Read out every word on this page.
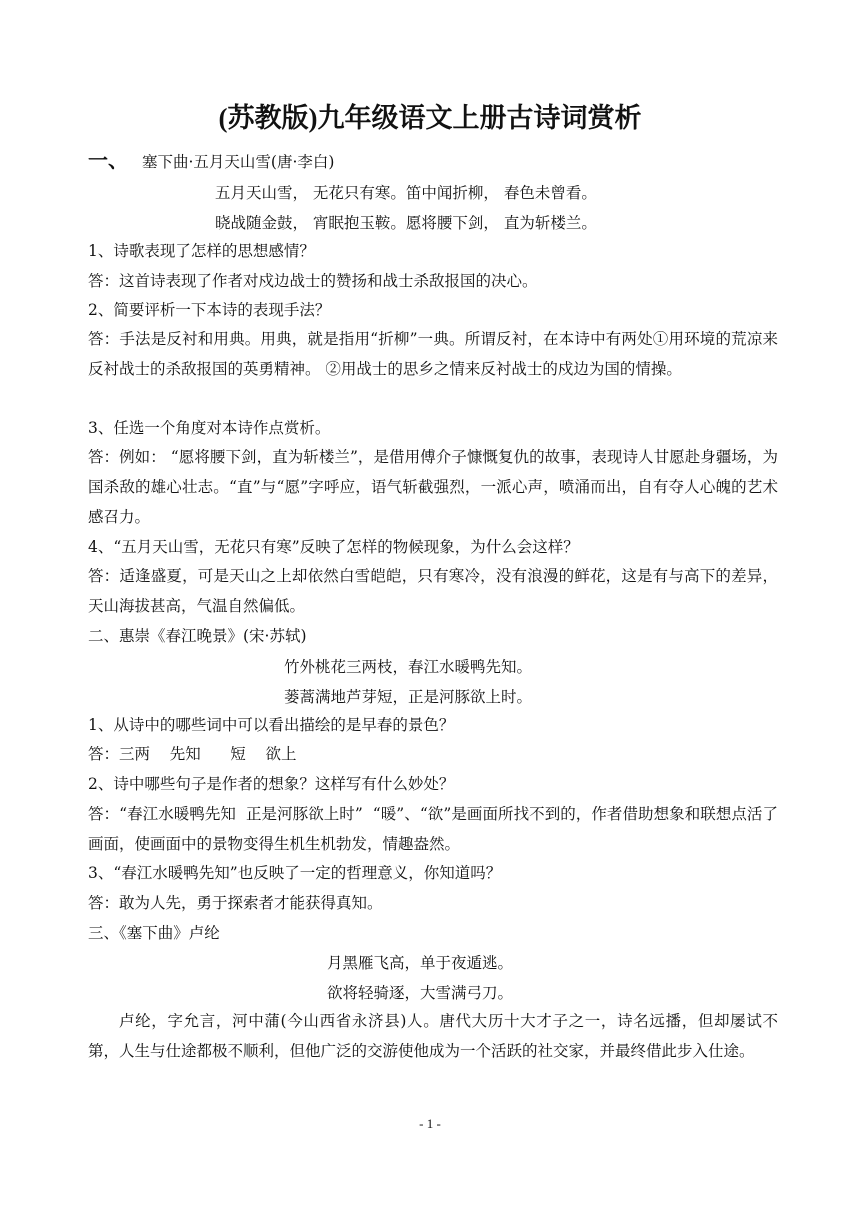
(苏教版)九年级语文上册古诗词赏析

一、 塞下曲·五月天山雪(唐·李白)

五月天山雪， 无花只有寒。笛中闻折柳， 春色未曾看。

晓战随金鼓， 宵眠抱玉鞍。愿将腰下剑， 直为斩楼兰。

1、诗歌表现了怎样的思想感情？

答：这首诗表现了作者对戍边战士的赞扬和战士杀敌报国的决心。

2、简要评析一下本诗的表现手法？

答：手法是反衬和用典。用典，就是指用“折柳”一典。所谓反衬，在本诗中有两处①用环境的荒凉来反衬战士的杀敌报国的英勇精神。 ②用战士的思乡之情来反衬战士的戍边为国的情操。

3、任选一个角度对本诗作点赏析。

答：例如： “愿将腰下剑，直为斩楼兰”，是借用傅介子慷慨复仇的故事，表现诗人甘愿赴身疆场，为国杀敌的雄心壮志。“直”与“愿”字呼应，语气斩截强烈，一派心声，喷涌而出，自有夺人心魄的艺术感召力。

4、“五月天山雪，无花只有寒”反映了怎样的物候现象，为什么会这样？

答：适逢盛夏，可是天山之上却依然白雪皑皑，只有寒冷，没有浪漫的鲜花，这是有与高下的差异，天山海拔甚高，气温自然偏低。

二、惠崇《春江晚景》(宋·苏轼)

竹外桃花三两枝，春江水暖鸭先知。

蒌蒿满地芦芽短，正是河豚欲上时。

1、从诗中的哪些词中可以看出描绘的是早春的景色？

答：三两    先知      短    欲上

2、诗中哪些句子是作者的想象？这样写有什么妙处？

答：“春江水暖鸭先知  正是河豚欲上时”  “暖”、“欲”是画面所找不到的，作者借助想象和联想点活了画面，使画面中的景物变得生机生机勃发，情趣盎然。

3、“春江水暖鸭先知”也反映了一定的哲理意义，你知道吗？

答：敢为人先，勇于探索者才能获得真知。

三、《塞下曲》卢纶

月黑雁飞高，单于夜遁逃。

欲将轻骑逐，大雪满弓刀。

卢纶，字允言，河中蒲(今山西省永济县)人。唐代大历十大才子之一，诗名远播，但却屡试不第，人生与仕途都极不顺利，但他广泛的交游使他成为一个活跃的社交家，并最终借此步入仕途。

- 1 -
